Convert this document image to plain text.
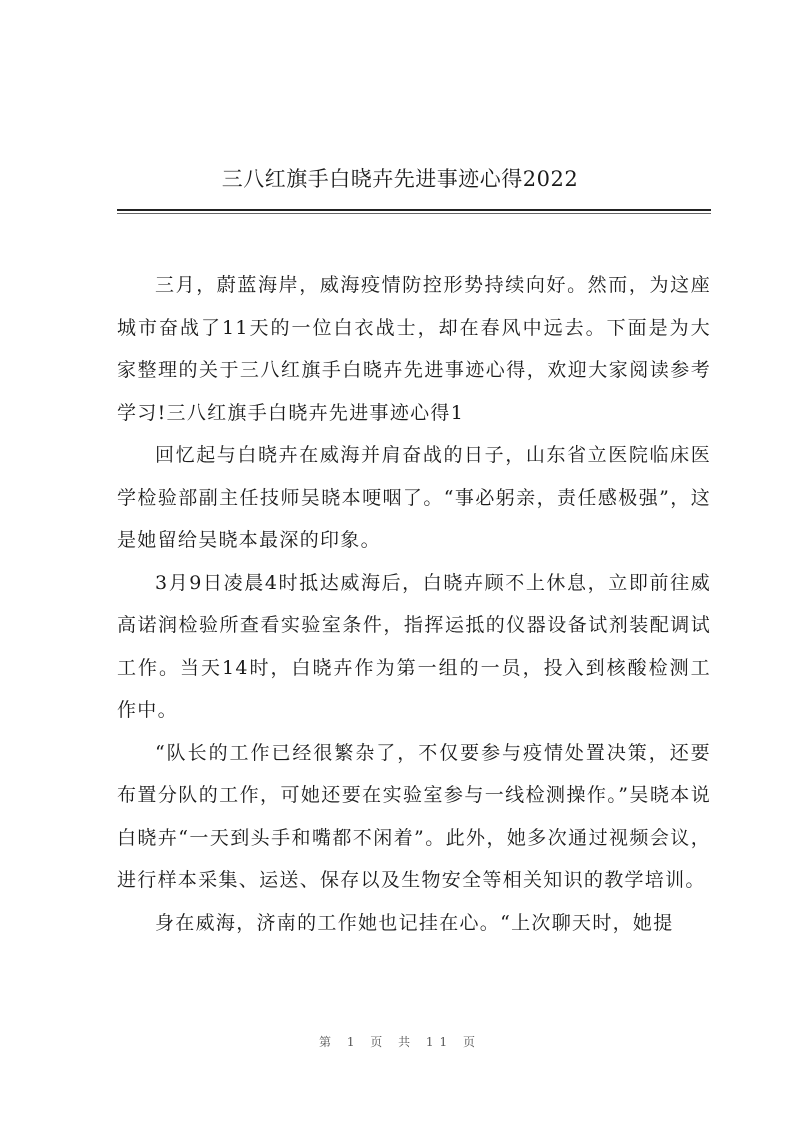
三八红旗手白晓卉先进事迹心得2022

三月，蔚蓝海岸，威海疫情防控形势持续向好。然而，为这座城市奋战了11天的一位白衣战士，却在春风中远去。下面是为大家整理的关于三八红旗手白晓卉先进事迹心得，欢迎大家阅读参考学习!三八红旗手白晓卉先进事迹心得1

回忆起与白晓卉在威海并肩奋战的日子，山东省立医院临床医学检验部副主任技师吴晓本哽咽了。“事必躬亲，责任感极强”，这是她留给吴晓本最深的印象。

3月9日凌晨4时抵达威海后，白晓卉顾不上休息，立即前往威高诺润检验所查看实验室条件，指挥运抵的仪器设备试剂装配调试工作。当天14时，白晓卉作为第一组的一员，投入到核酸检测工作中。

“队长的工作已经很繁杂了，不仅要参与疫情处置决策，还要布置分队的工作，可她还要在实验室参与一线检测操作。”吴晓本说白晓卉“一天到头手和嘴都不闲着”。此外，她多次通过视频会议，进行样本采集、运送、保存以及生物安全等相关知识的教学培训。

身在威海，济南的工作她也记挂在心。“上次聊天时，她提

第 1 页 共 11 页
